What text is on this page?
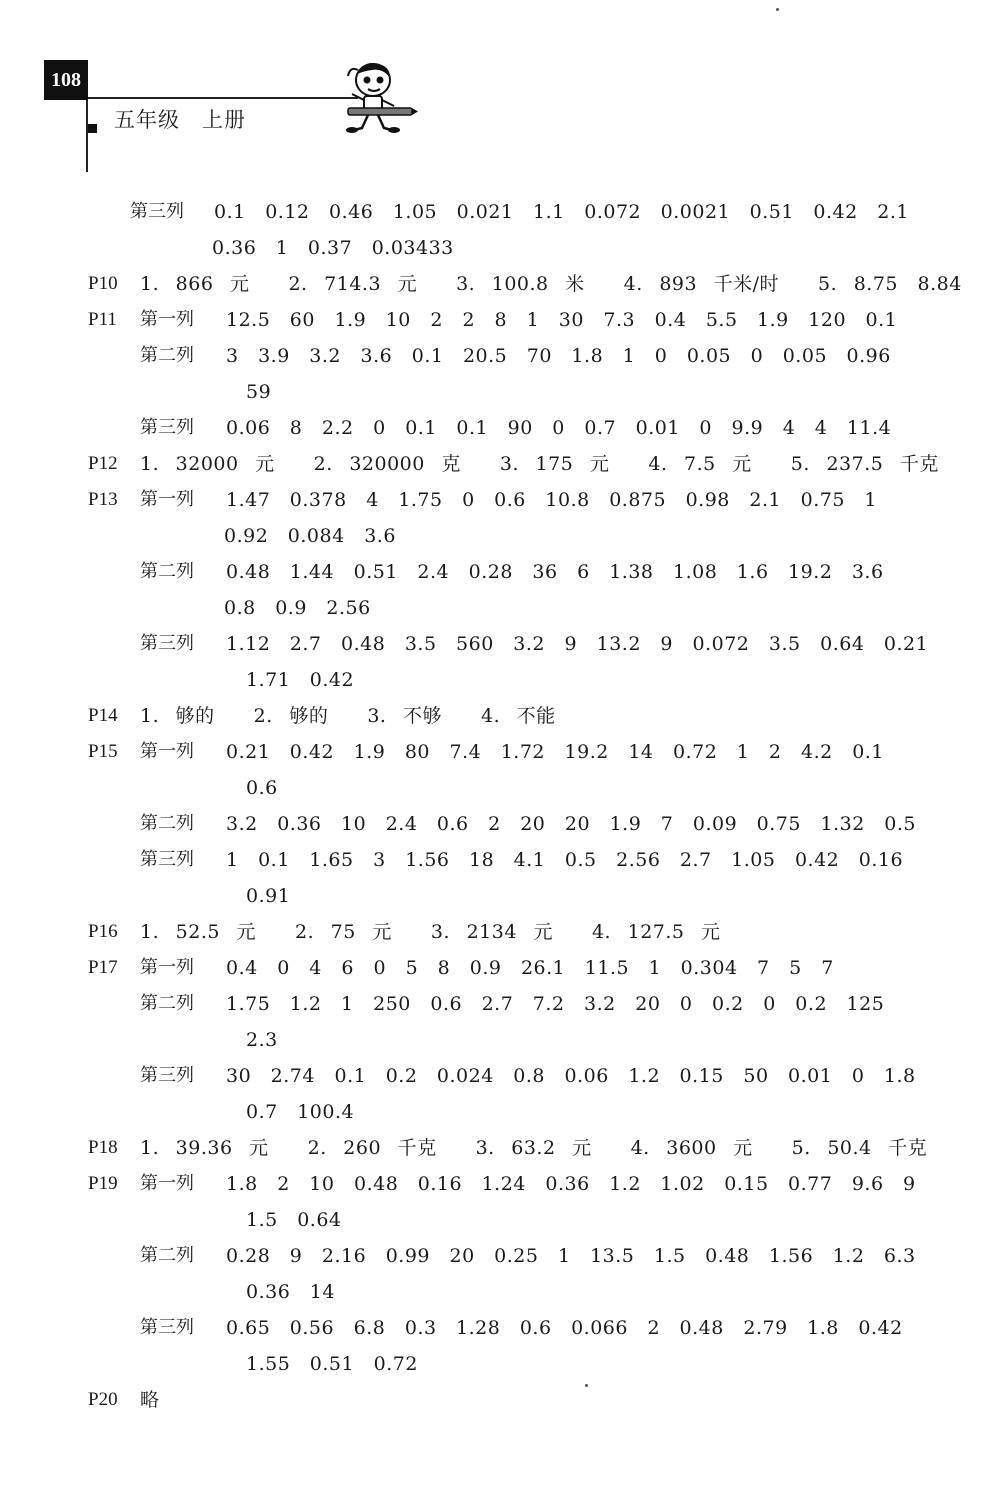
108
五年级　上册
第三列 0.1　0.12　0.46　1.05　0.021　1.1　0.072　0.0021　0.51　0.42　2.1
0.36　1　0.37　0.03433
P10 1. 866 元　　2. 714.3 元　　3. 100.8 米　　4. 893 千米/时　　5. 8.75　8.84
P11 第一列 12.5　60　1.9　10　2　2　8　1　30　7.3　0.4　5.5　1.9　120　0.1
第二列 3　3.9　3.2　3.6　0.1　20.5　70　1.8　1　0　0.05　0　0.05　0.96
59
第三列 0.06　8　2.2　0　0.1　0.1　90　0　0.7　0.01　0　9.9　4　4　11.4
P12 1. 32000 元　　2. 320000 克　　3. 175 元　　4. 7.5 元　　5. 237.5 千克
P13 第一列 1.47　0.378　4　1.75　0　0.6　10.8　0.875　0.98　2.1　0.75　1
0.92　0.084　3.6
第二列 0.48　1.44　0.51　2.4　0.28　36　6　1.38　1.08　1.6　19.2　3.6
0.8　0.9　2.56
第三列 1.12　2.7　0.48　3.5　560　3.2　9　13.2　9　0.072　3.5　0.64　0.21
1.71　0.42
P14 1. 够的　　2. 够的　　3. 不够　　4. 不能
P15 第一列 0.21　0.42　1.9　80　7.4　1.72　19.2　14　0.72　1　2　4.2　0.1
0.6
第二列 3.2　0.36　10　2.4　0.6　2　20　20　1.9　7　0.09　0.75　1.32　0.5
第三列 1　0.1　1.65　3　1.56　18　4.1　0.5　2.56　2.7　1.05　0.42　0.16
0.91
P16 1. 52.5 元　　2. 75 元　　3. 2134 元　　4. 127.5 元
P17 第一列 0.4　0　4　6　0　5　8　0.9　26.1　11.5　1　0.304　7　5　7
第二列 1.75　1.2　1　250　0.6　2.7　7.2　3.2　20　0　0.2　0　0.2　125
2.3
第三列 30　2.74　0.1　0.2　0.024　0.8　0.06　1.2　0.15　50　0.01　0　1.8
0.7　100.4
P18 1. 39.36 元　　2. 260 千克　　3. 63.2 元　　4. 3600 元　　5. 50.4 千克
P19 第一列 1.8　2　10　0.48　0.16　1.24　0.36　1.2　1.02　0.15　0.77　9.6　9
1.5　0.64
第二列 0.28　9　2.16　0.99　20　0.25　1　13.5　1.5　0.48　1.56　1.2　6.3
0.36　14
第三列 0.65　0.56　6.8　0.3　1.28　0.6　0.066　2　0.48　2.79　1.8　0.42
1.55　0.51　0.72
P20 略
